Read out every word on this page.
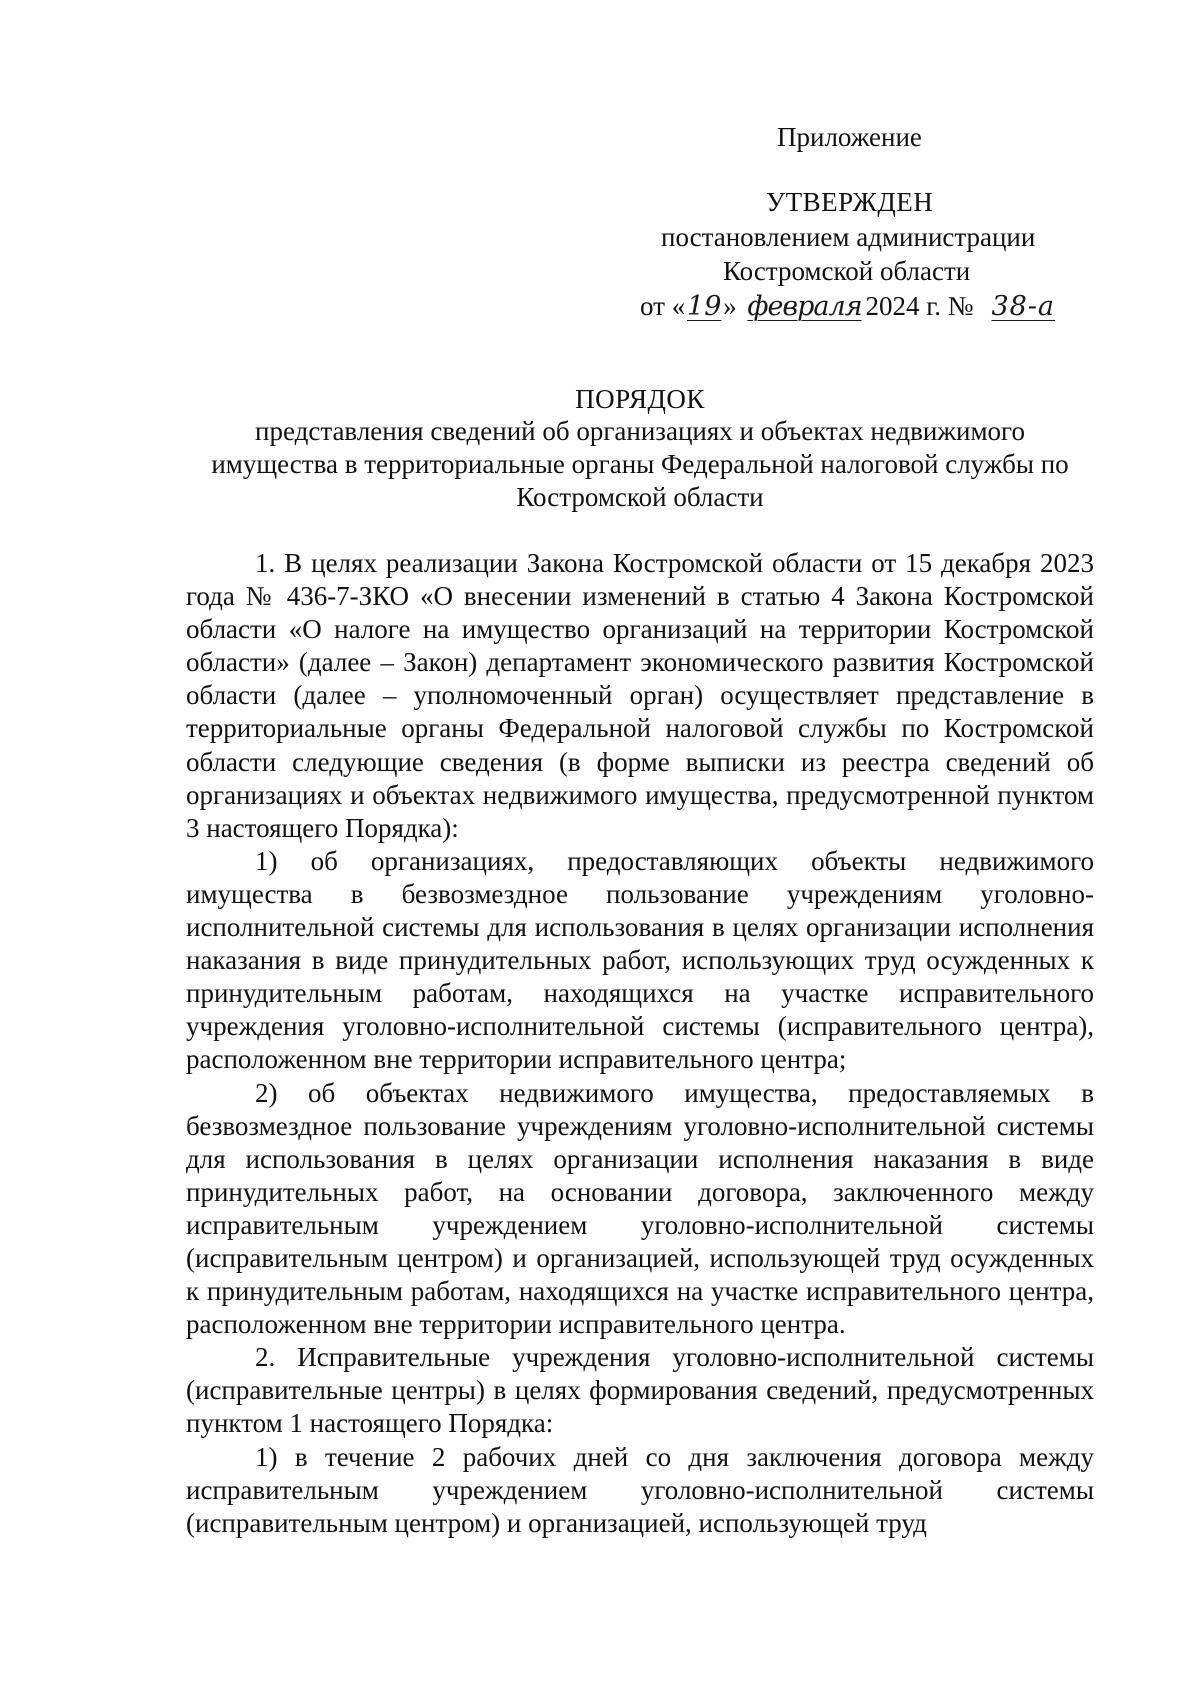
Приложение
УТВЕРЖДЕН
постановлением администрации
Костромской области
от «19» февраля 2024 г. № 38-а
ПОРЯДОК
представления сведений об организациях и объектах недвижимого имущества в территориальные органы Федеральной налоговой службы по Костромской области

1. В целях реализации Закона Костромской области от 15 декабря 2023 года № 436-7-ЗКО «О внесении изменений в статью 4 Закона Костромской области «О налоге на имущество организаций на территории Костромской области» (далее – Закон) департамент экономического развития Костромской области (далее – уполномоченный орган) осуществляет представление в территориальные органы Федеральной налоговой службы по Костромской области следующие сведения (в форме выписки из реестра сведений об организациях и объектах недвижимого имущества, предусмотренной пунктом 3 настоящего Порядка):

1) об организациях, предоставляющих объекты недвижимого имущества в безвозмездное пользование учреждениям уголовно-исполнительной системы для использования в целях организации исполнения наказания в виде принудительных работ, использующих труд осужденных к принудительным работам, находящихся на участке исправительного учреждения уголовно-исполнительной системы (исправительного центра), расположенном вне территории исправительного центра;

2) об объектах недвижимого имущества, предоставляемых в безвозмездное пользование учреждениям уголовно-исполнительной системы для использования в целях организации исполнения наказания в виде принудительных работ, на основании договора, заключенного между исправительным учреждением уголовно-исполнительной системы (исправительным центром) и организацией, использующей труд осужденных к принудительным работам, находящихся на участке исправительного центра, расположенном вне территории исправительного центра.

2. Исправительные учреждения уголовно-исполнительной системы (исправительные центры) в целях формирования сведений, предусмотренных пунктом 1 настоящего Порядка:

1) в течение 2 рабочих дней со дня заключения договора между исправительным учреждением уголовно-исполнительной системы (исправительным центром) и организацией, использующей труд
